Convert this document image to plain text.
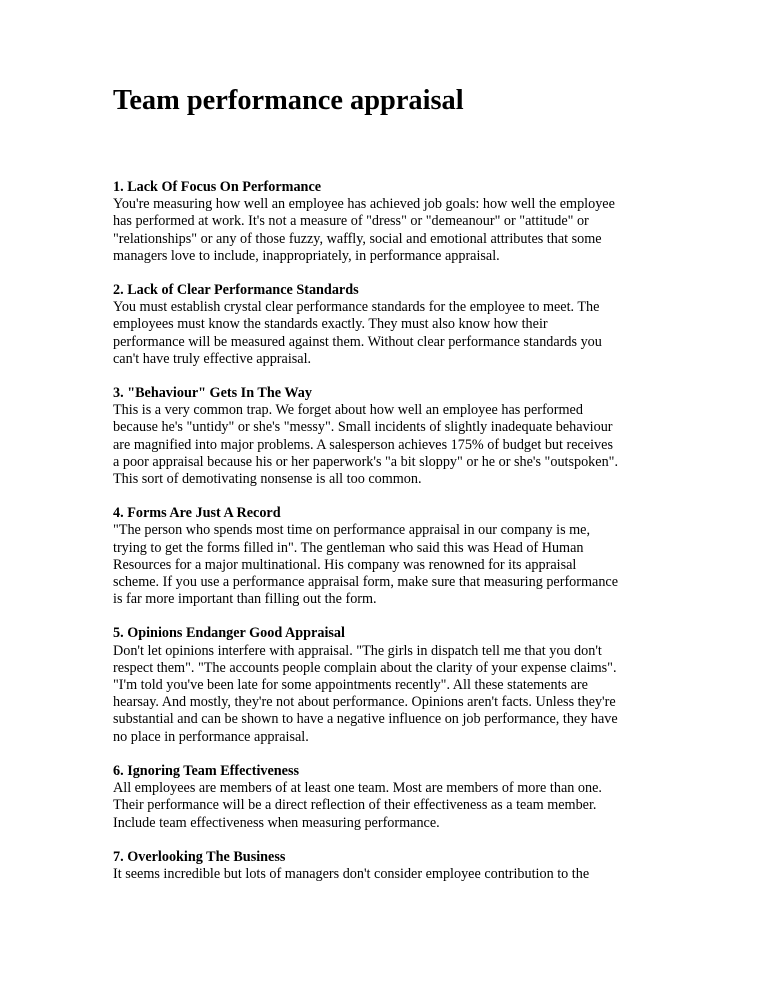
Team performance appraisal
1. Lack Of Focus On Performance
You're measuring how well an employee has achieved job goals: how well the employee
has performed at work. It's not a measure of "dress" or "demeanour" or "attitude" or
"relationships" or any of those fuzzy, waffly, social and emotional attributes that some
managers love to include, inappropriately, in performance appraisal.
2. Lack of Clear Performance Standards
You must establish crystal clear performance standards for the employee to meet. The
employees must know the standards exactly. They must also know how their
performance will be measured against them. Without clear performance standards you
can't have truly effective appraisal.
3. "Behaviour" Gets In The Way
This is a very common trap. We forget about how well an employee has performed
because he's "untidy" or she's "messy". Small incidents of slightly inadequate behaviour
are magnified into major problems. A salesperson achieves 175% of budget but receives
a poor appraisal because his or her paperwork's "a bit sloppy" or he or she's "outspoken".
This sort of demotivating nonsense is all too common.
4. Forms Are Just A Record
"The person who spends most time on performance appraisal in our company is me,
trying to get the forms filled in". The gentleman who said this was Head of Human
Resources for a major multinational. His company was renowned for its appraisal
scheme. If you use a performance appraisal form, make sure that measuring performance
is far more important than filling out the form.
5. Opinions Endanger Good Appraisal
Don't let opinions interfere with appraisal. "The girls in dispatch tell me that you don't
respect them". "The accounts people complain about the clarity of your expense claims".
"I'm told you've been late for some appointments recently". All these statements are
hearsay. And mostly, they're not about performance. Opinions aren't facts. Unless they're
substantial and can be shown to have a negative influence on job performance, they have
no place in performance appraisal.
6. Ignoring Team Effectiveness
All employees are members of at least one team. Most are members of more than one.
Their performance will be a direct reflection of their effectiveness as a team member.
Include team effectiveness when measuring performance.
7. Overlooking The Business
It seems incredible but lots of managers don't consider employee contribution to the
